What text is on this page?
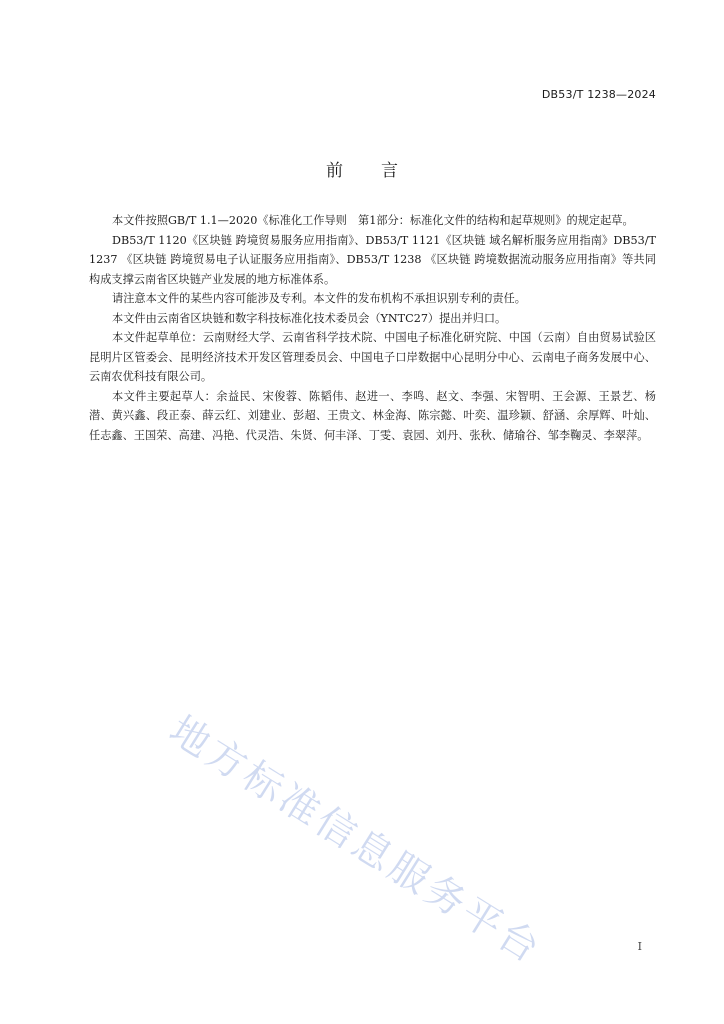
DB53/T 1238—2024
前言

本文件按照GB/T 1.1—2020《标准化工作导则　第1部分：标准化文件的结构和起草规则》的规定起草。

DB53/T 1120《区块链 跨境贸易服务应用指南》、DB53/T 1121《区块链 域名解析服务应用指南》DB53/T 1237 《区块链 跨境贸易电子认证服务应用指南》、DB53/T 1238 《区块链 跨境数据流动服务应用指南》等共同构成支撑云南省区块链产业发展的地方标准体系。

请注意本文件的某些内容可能涉及专利。本文件的发布机构不承担识别专利的责任。

本文件由云南省区块链和数字科技标准化技术委员会（YNTC27）提出并归口。

本文件起草单位：云南财经大学、云南省科学技术院、中国电子标准化研究院、中国（云南）自由贸易试验区昆明片区管委会、昆明经济技术开发区管理委员会、中国电子口岸数据中心昆明分中心、云南电子商务发展中心、云南农优科技有限公司。

本文件主要起草人：余益民、宋俊蓉、陈韬伟、赵进一、李鸣、赵文、李强、宋智明、王会源、王景艺、杨潜、黄兴鑫、段正泰、薛云红、刘建业、彭超、王贵文、林金海、陈宗懿、叶奕、温珍颖、舒涵、余厚辉、叶灿、任志鑫、王国荣、高建、冯艳、代灵浩、朱贤、何丰泽、丁雯、袁园、刘丹、张秋、储瑜谷、邹李鞠灵、李翠萍。

地方标准信息服务平台	I
